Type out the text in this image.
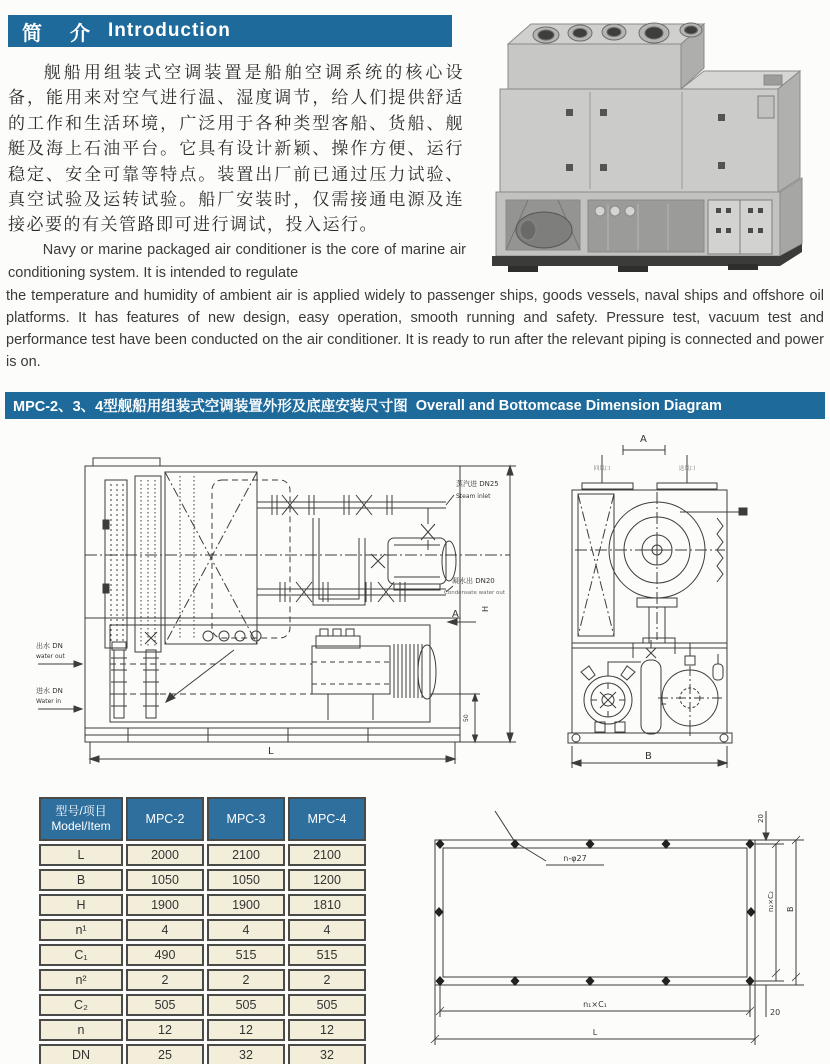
简　介 Introduction
舰船用组装式空调装置是船舶空调系统的核心设备，能用来对空气进行温、湿度调节，给人们提供舒适的工作和生活环境，广泛用于各种类型客船、货船、舰艇及海上石油平台。它具有设计新颖、操作方便、运行稳定、安全可靠等特点。装置出厂前已通过压力试验、真空试验及运转试验。船厂安装时，仅需接通电源及连接必要的有关管路即可进行调试，投入运行。
Navy or marine packaged air conditioner is the core of marine air conditioning system. It is intended to regulate
the temperature and humidity of ambient air is applied widely to passenger ships, goods vessels, naval ships and offshore oil platforms. It has features of new design, easy operation, smooth running and safety. Pressure test, vacuum test and performance test have been conducted on the air conditioner. It is ready to run after the relevant piping is connected and power is on.
MPC-2、3、4型舰船用组装式空调装置外形及底座安装尺寸图 Overall and Bottomcase Dimension Diagram
蒸汽进 DN25
Steam inlet
凝水出 DN20
Condensate water out
A
H
50
出水 DN
water out
进水 DN
Water in
L
A
回风口	送风口
B
n-φ27
20
n₂×C₂ B
n₁×C₁
20
L
型号/项目
Model/Item	MPC-2	MPC-3	MPC-4
L	2000	2100	2100
B	1050	1050	1200
H	1900	1900	1810
n¹	4	4	4
C₁	490	515	515
n²	2	2	2
C₂	505	505	505
n	12	12	12
DN	25	32	32
